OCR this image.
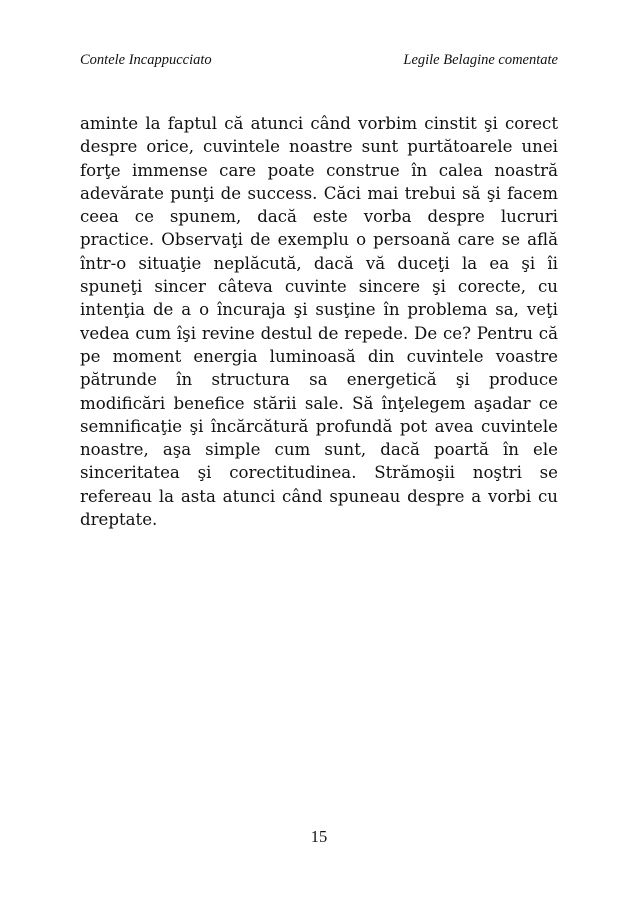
Contele Incappucciato	Legile Belagine comentate

aminte la faptul că atunci când vorbim cinstit şi corect despre orice, cuvintele noastre sunt purtătoarele unei forţe immense care poate construe în calea noastră adevărate punţi de success. Căci mai trebui să şi facem ceea ce spunem, dacă este vorba despre lucruri practice. Observaţi de exemplu o persoană care se află într-o situaţie neplăcută, dacă vă duceţi la ea şi îi spuneţi sincer câteva cuvinte sincere şi corecte, cu intenţia de a o încuraja şi susţine în problema sa, veţi vedea cum îşi revine destul de repede. De ce? Pentru că pe moment energia luminoasă din cuvintele voastre pătrunde în structura sa energetică şi produce modificări benefice stării sale. Să înţelegem aşadar ce semnificaţie şi încărcătură profundă pot avea cuvintele noastre, aşa simple cum sunt, dacă poartă în ele sinceritatea şi corectitudinea. Strămoşii noştri se refereau la asta atunci când spuneau despre a vorbi cu dreptate.

15
